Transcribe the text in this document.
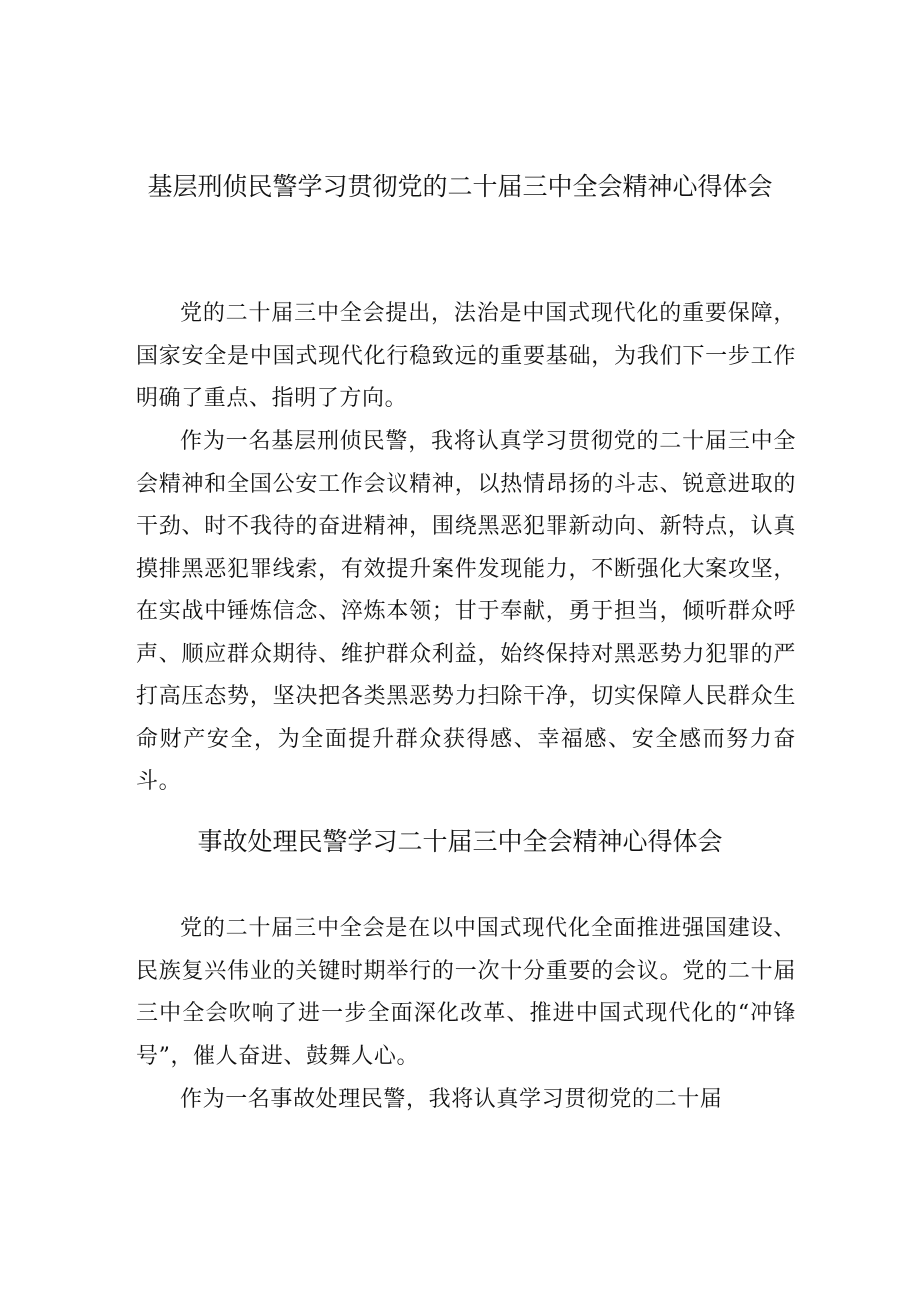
基层刑侦民警学习贯彻党的二十届三中全会精神心得体会

党的二十届三中全会提出，法治是中国式现代化的重要保障，国家安全是中国式现代化行稳致远的重要基础，为我们下一步工作明确了重点、指明了方向。

作为一名基层刑侦民警，我将认真学习贯彻党的二十届三中全会精神和全国公安工作会议精神，以热情昂扬的斗志、锐意进取的干劲、时不我待的奋进精神，围绕黑恶犯罪新动向、新特点，认真摸排黑恶犯罪线索，有效提升案件发现能力，不断强化大案攻坚，在实战中锤炼信念、淬炼本领；甘于奉献，勇于担当，倾听群众呼声、顺应群众期待、维护群众利益，始终保持对黑恶势力犯罪的严打高压态势，坚决把各类黑恶势力扫除干净，切实保障人民群众生命财产安全，为全面提升群众获得感、幸福感、安全感而努力奋斗。

事故处理民警学习二十届三中全会精神心得体会

党的二十届三中全会是在以中国式现代化全面推进强国建设、民族复兴伟业的关键时期举行的一次十分重要的会议。党的二十届三中全会吹响了进一步全面深化改革、推进中国式现代化的“冲锋号”，催人奋进、鼓舞人心。

作为一名事故处理民警，我将认真学习贯彻党的二十届
